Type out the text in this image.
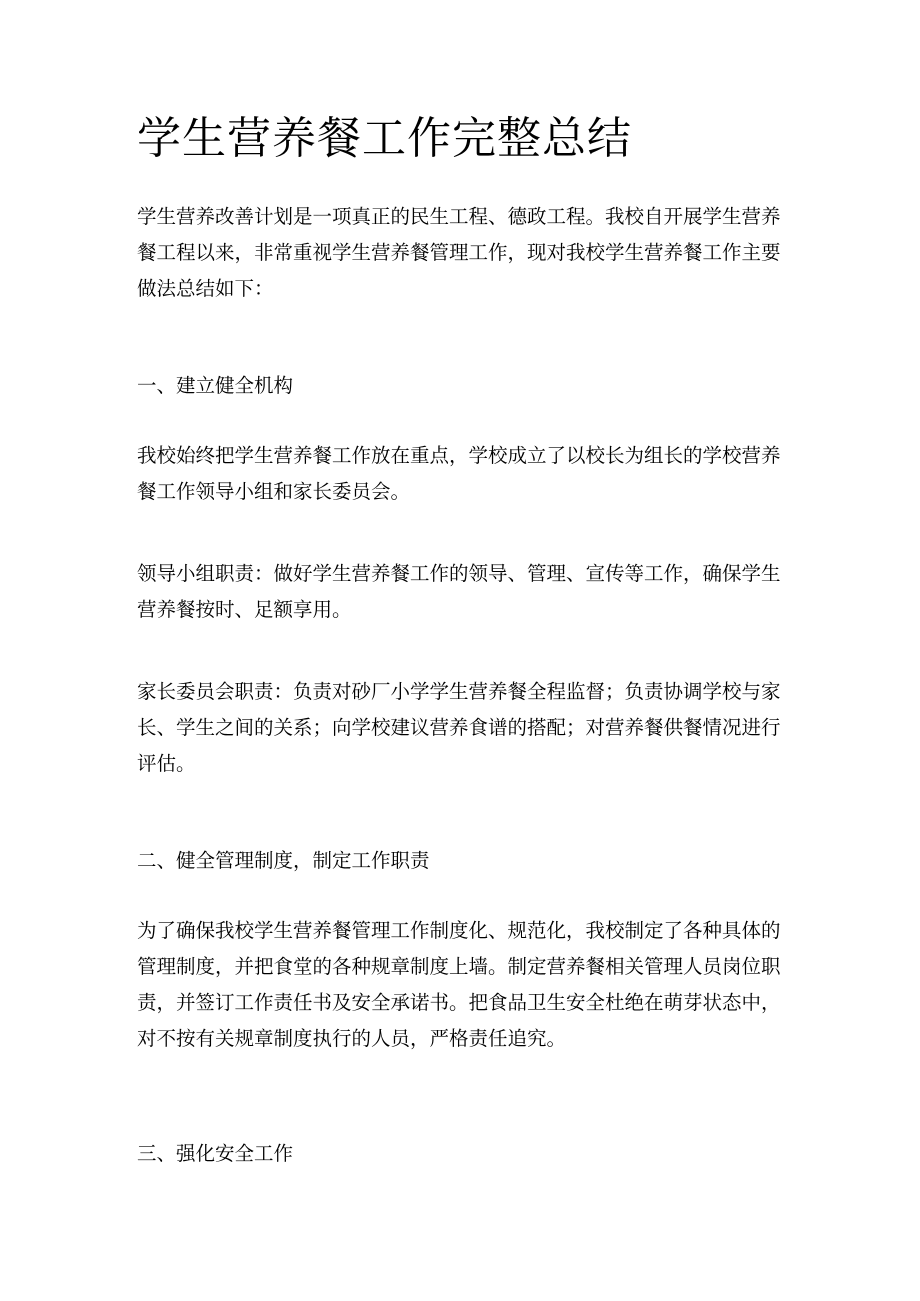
学生营养餐工作完整总结

学生营养改善计划是一项真正的民生工程、德政工程。我校自开展学生营养餐工程以来，非常重视学生营养餐管理工作，现对我校学生营养餐工作主要做法总结如下：

一、建立健全机构

我校始终把学生营养餐工作放在重点，学校成立了以校长为组长的学校营养餐工作领导小组和家长委员会。

领导小组职责：做好学生营养餐工作的领导、管理、宣传等工作，确保学生营养餐按时、足额享用。

家长委员会职责：负责对砂厂小学学生营养餐全程监督；负责协调学校与家长、学生之间的关系；向学校建议营养食谱的搭配；对营养餐供餐情况进行评估。

二、健全管理制度，制定工作职责

为了确保我校学生营养餐管理工作制度化、规范化，我校制定了各种具体的管理制度，并把食堂的各种规章制度上墙。制定营养餐相关管理人员岗位职责，并签订工作责任书及安全承诺书。把食品卫生安全杜绝在萌芽状态中，对不按有关规章制度执行的人员，严格责任追究。

三、强化安全工作
